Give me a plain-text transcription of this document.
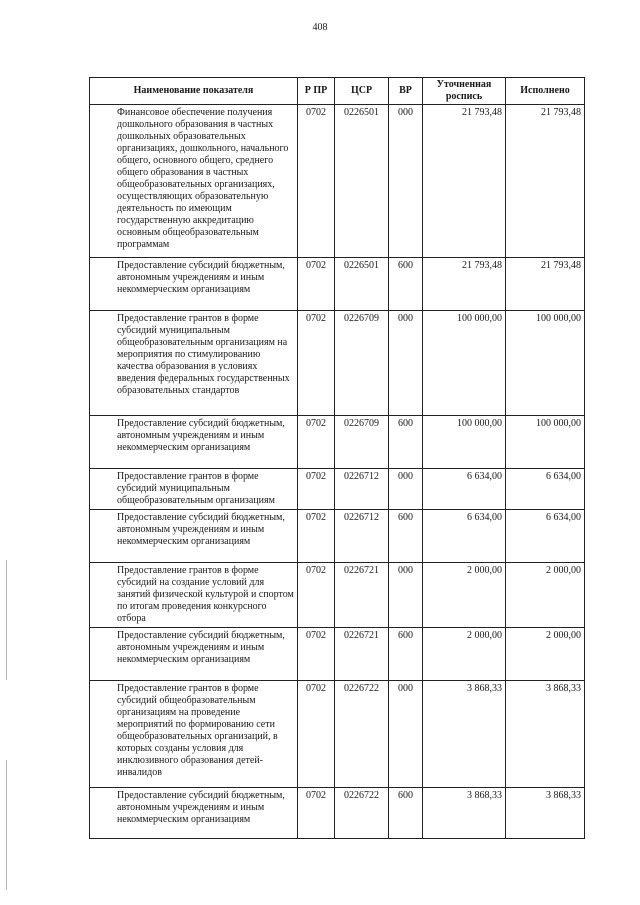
408
Наименование показателя	Р ПР	ЦСР	ВР	Уточненная роспись	Исполнено
Финансовое обеспечение получения дошкольного образования в частных дошкольных образовательных организациях, дошкольного, начального общего, основного общего, среднего общего образования в частных общеобразовательных организациях, осуществляющих образовательную деятельность по имеющим государственную аккредитацию основным общеобразовательным программам	0702	0226501	000	21 793,48	21 793,48
Предоставление субсидий бюджетным, автономным учреждениям и иным некоммерческим организациям	0702	0226501	600	21 793,48	21 793,48
Предоставление грантов в форме субсидий муниципальным общеобразовательным организациям на мероприятия по стимулированию качества образования в условиях введения федеральных государственных образовательных стандартов	0702	0226709	000	100 000,00	100 000,00
Предоставление субсидий бюджетным, автономным учреждениям и иным некоммерческим организациям	0702	0226709	600	100 000,00	100 000,00
Предоставление грантов в форме субсидий муниципальным общеобразовательным организациям	0702	0226712	000	6 634,00	6 634,00
Предоставление субсидий бюджетным, автономным учреждениям и иным некоммерческим организациям	0702	0226712	600	6 634,00	6 634,00
Предоставление грантов в форме субсидий на создание условий для занятий физической культурой и спортом по итогам проведения конкурсного отбора	0702	0226721	000	2 000,00	2 000,00
Предоставление субсидий бюджетным, автономным учреждениям и иным некоммерческим организациям	0702	0226721	600	2 000,00	2 000,00
Предоставление грантов в форме субсидий общеобразовательным организациям на проведение мероприятий по формированию сети общеобразовательных организаций, в которых созданы условия для инклюзивного образования детей-инвалидов	0702	0226722	000	3 868,33	3 868,33
Предоставление субсидий бюджетным, автономным учреждениям и иным некоммерческим организациям	0702	0226722	600	3 868,33	3 868,33
